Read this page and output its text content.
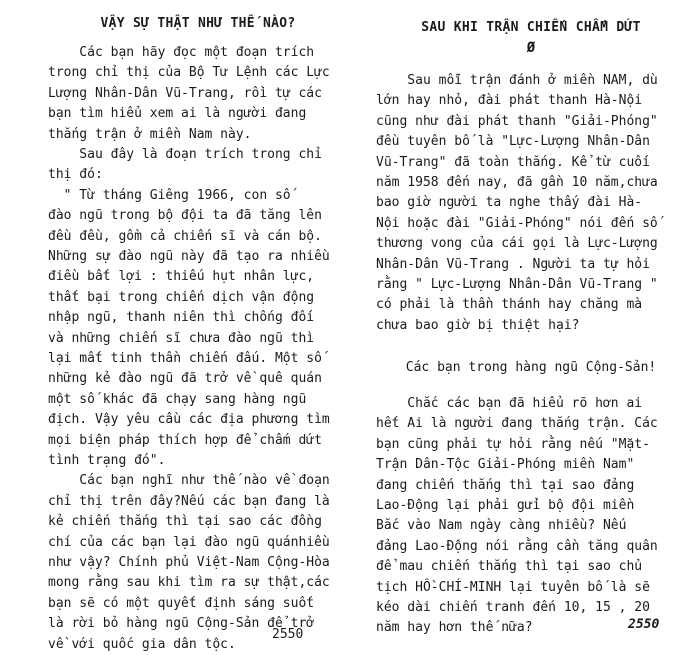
VẬY SỰ THẬT NHƯ THẾ NÀO?
Các bạn hãy đọc một đoạn trích
trong chỉ thị của Bộ Tư Lệnh các Lực
Lượng Nhân-Dân Vũ-Trang, rồi tự các
bạn tìm hiểu xem ai là người đang
thắng trận ở miền Nam này.
Sau đây là đoạn trích trong chỉ
thị đó:
" Từ tháng Giêng 1966, con số
đào ngũ trong bộ đội ta đã tăng lên
đều đều, gồm cả chiến sĩ và cán bộ.
Những sự đào ngũ này đã tạo ra nhiều
điều bất lợi : thiếu hụt nhân lực,
thất bại trong chiến dịch vận động
nhập ngũ, thanh niên thì chống đối
và những chiến sĩ chưa đào ngũ thì
lại mất tinh thần chiến đấu. Một số
những kẻ đào ngũ đã trở về quê quán
một số khác đã chạy sang hàng ngũ
địch. Vậy yêu cầu các địa phương tìm
mọi biện pháp thích hợp để chấm dứt
tình trạng đó".
Các bạn nghĩ như thế nào về đoạn
chỉ thị trên đây?Nếu các bạn đang là
kẻ chiến thắng thì tại sao các đồng
chí của các bạn lại đào ngũ quánhiều
như vậy? Chính phủ Việt-Nam Cộng-Hòa
mong rằng sau khi tìm ra sự thật,các
bạn sẽ có một quyết định sáng suốt
là rời bỏ hàng ngũ Cộng-Sản để trở
về với quốc gia dân tộc.
2550
SAU KHI TRẬN CHIẾN CHẤM DỨT
Ø
Sau mỗi trận đánh ở miền NAM, dù
lớn hay nhỏ, đài phát thanh Hà-Nội
cũng như đài phát thanh "Giải-Phóng"
đều tuyên bố là "Lực-Lượng Nhân-Dân
Vũ-Trang" đã toàn thắng. Kể từ cuối
năm 1958 đến nay, đã gần 10 năm,chưa
bao giờ người ta nghe thấy đài Hà-
Nội hoặc đài "Giải-Phóng" nói đến số
thương vong của cái gọi là Lực-Lượng
Nhân-Dân Vũ-Trang . Người ta tự hỏi
rằng " Lực-Lượng Nhân-Dân Vũ-Trang "
có phải là thần thánh hay chăng mà
chưa bao giờ bị thiệt hại?
Các bạn trong hàng ngũ Cộng-Sản!
Chắc các bạn đã hiểu rõ hơn ai
hết Ai là người đang thắng trận. Các
bạn cũng phải tự hỏi rằng nếu "Mặt-
Trận Dân-Tộc Giải-Phóng miền Nam"
đang chiến thắng thì tại sao đảng
Lao-Động lại phải gửi bộ đội miền
Bắc vào Nam ngày càng nhiều? Nếu
đảng Lao-Động nói rằng cần tăng quân
để mau chiến thắng thì tại sao chủ
tịch HỒ-CHÍ-MINH lại tuyên bố là sẽ
kéo dài chiến tranh đến 10, 15 , 20
năm hay hơn thế nữa?	2550
